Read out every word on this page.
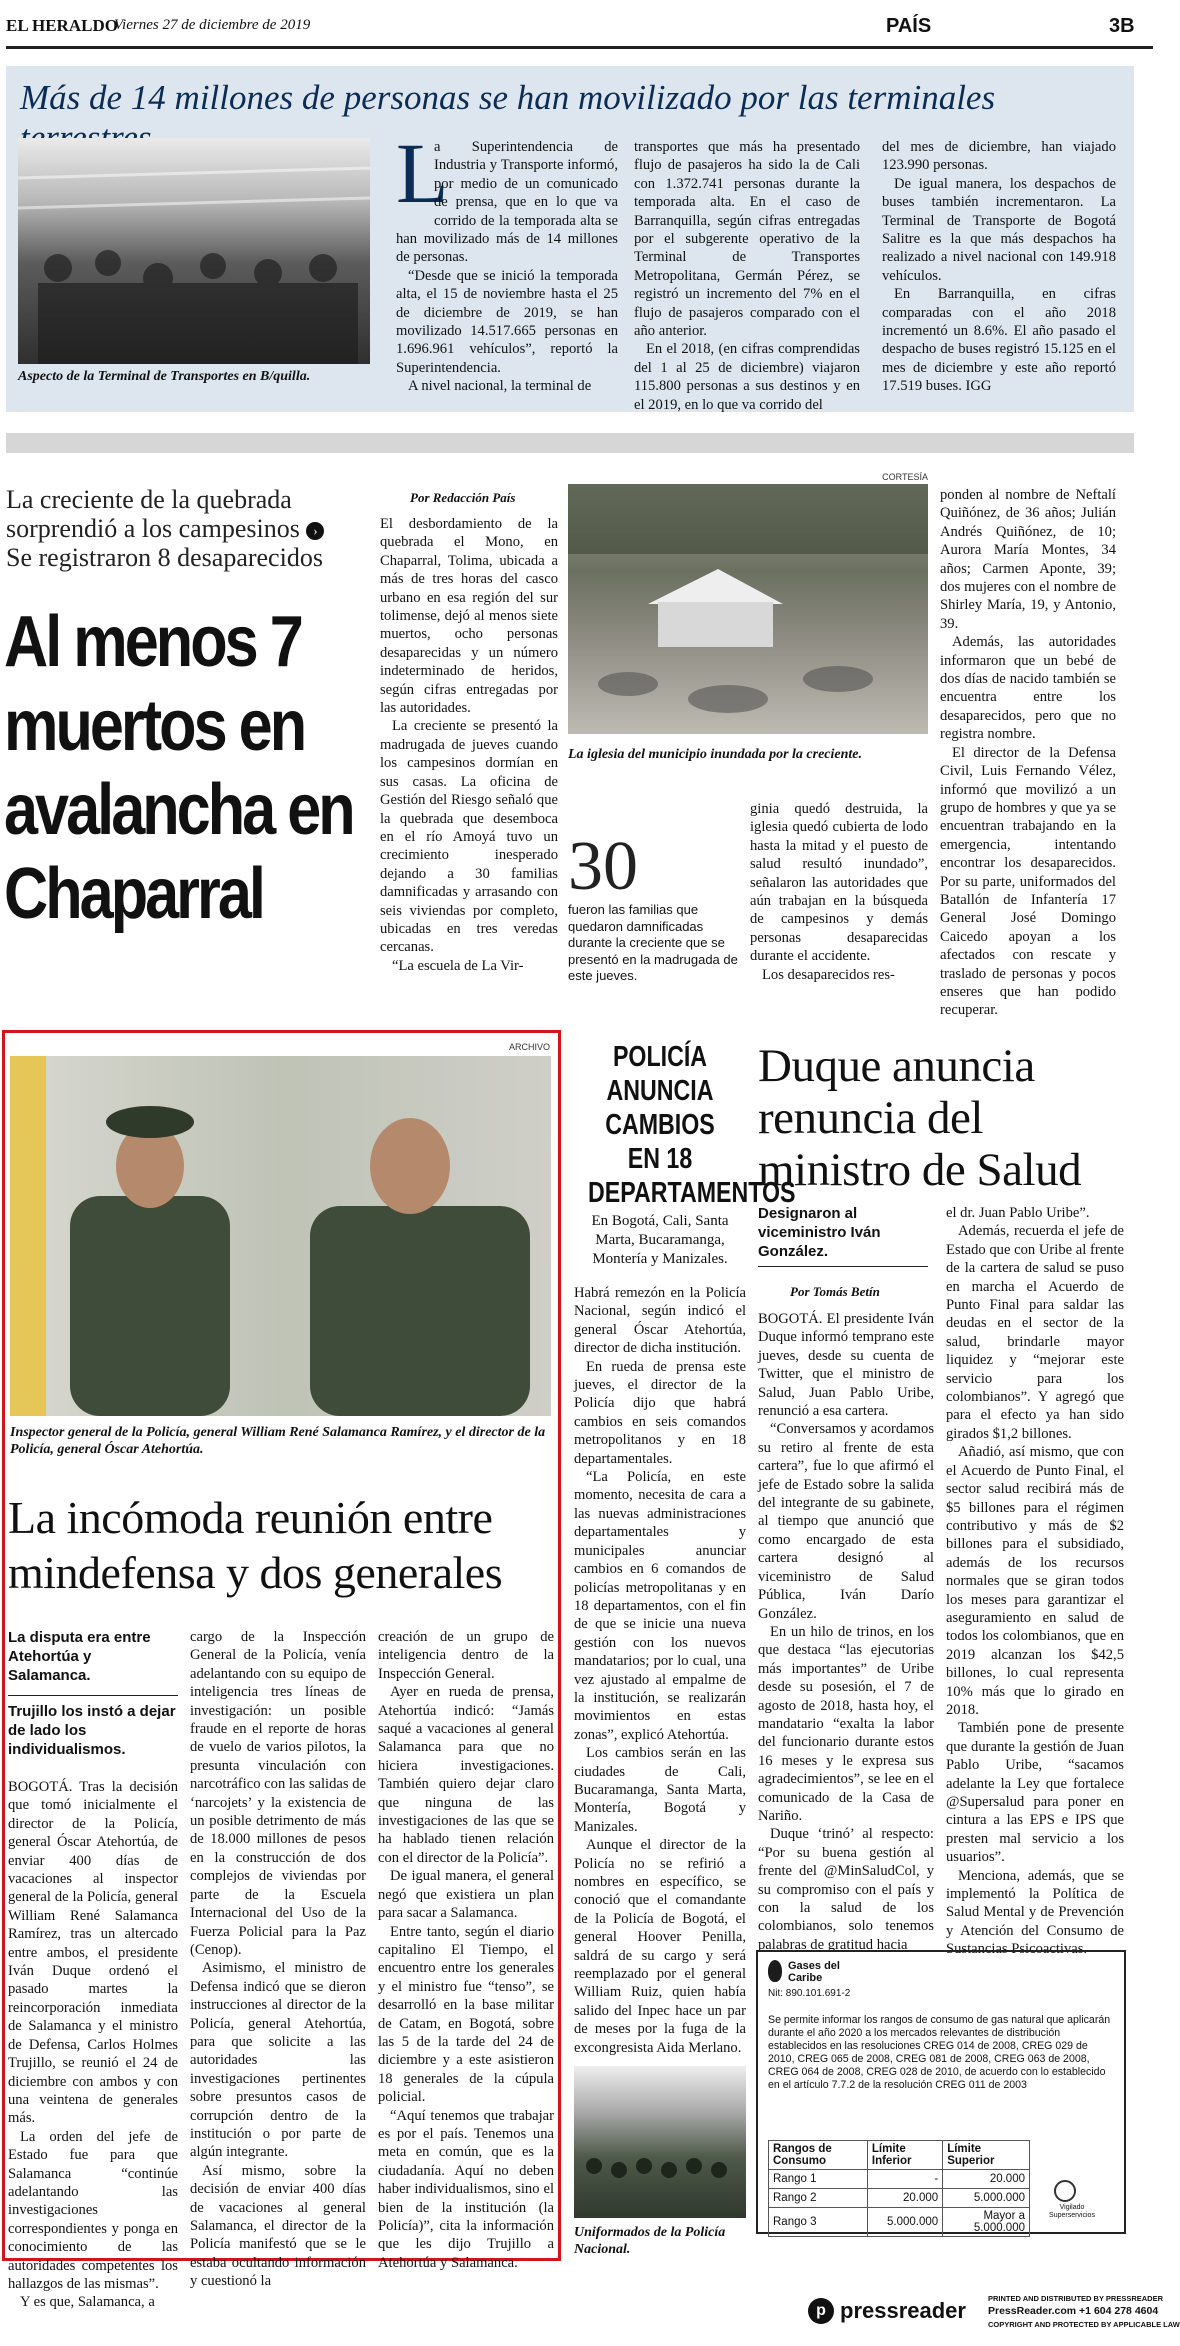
EL HERALDO
Viernes 27 de diciembre de 2019	PAÍS	3B
Más de 14 millones de personas se han movilizado por las terminales
Aspecto de la Terminal de Transportes en B/quilla.
L

a Superintendencia de Industria y Transporte informó, por medio de un comunicado de prensa, que en lo que va corrido de la temporada alta se han movilizado más de 14 millones de personas.

“Desde que se inició la temporada alta, el 15 de noviembre hasta el 25 de diciembre de 2019, se han movilizado 14.517.665 personas en 1.696.961 vehículos”, reportó la Superintendencia.

A nivel nacional, la terminal de

transportes que más ha presentado flujo de pasajeros ha sido la de Cali con 1.372.741 personas durante la temporada alta. En el caso de Barranquilla, según cifras entregadas por el subgerente operativo de la Terminal de Transportes Metropolitana, Germán Pérez, se registró un incremento del 7% en el flujo de pasajeros comparado con el año anterior.

En el 2018, (en cifras comprendidas del 1 al 25 de diciembre) viajaron 115.800 personas a sus destinos y en el 2019, en lo que va corrido del

del mes de diciembre, han viajado 123.990 personas.

De igual manera, los despachos de buses también incrementaron. La Terminal de Transporte de Bogotá Salitre es la que más despachos ha realizado a nivel nacional con 149.918 vehículos.

En Barranquilla, en cifras comparadas con el año 2018 incrementó un 8.6%. El año pasado el despacho de buses registró 15.125 en el mes de diciembre y este año reportó 17.519 buses. IGG

La creciente de la quebrada sorprendió a los campesinos ›
Se registraron 8 desaparecidos
Al menos 7 muertos en avalancha en Chaparral
Por Redacción País

El desbordamiento de la quebrada el Mono, en Chaparral, Tolima, ubicada a más de tres horas del casco urbano en esa región del sur tolimense, dejó al menos siete muertos, ocho personas desaparecidas y un número indeterminado de heridos, según cifras entregadas por las autoridades.

La creciente se presentó la madrugada de jueves cuando los campesinos dormían en sus casas. La oficina de Gestión del Riesgo señaló que la quebrada que desemboca en el río Amoyá tuvo un crecimiento inesperado dejando a 30 familias damnificadas y arrasando con seis viviendas por completo, ubicadas en tres veredas cercanas.

“La escuela de La Vir-

CORTESÍA
La iglesia del municipio inundada por la creciente.
30
fueron las familias que quedaron damnificadas durante la creciente que se presentó en la madrugada de este jueves.

ginia quedó destruida, la iglesia quedó cubierta de lodo hasta la mitad y el puesto de salud resultó inundado”, señalaron las autoridades que aún trabajan en la búsqueda de campesinos y demás personas desaparecidas durante el accidente.

Los desaparecidos res-

ponden al nombre de Neftalí Quiñónez, de 36 años; Julián Andrés Quiñónez, de 10; Aurora María Montes, 34 años; Carmen Aponte, 39; dos mujeres con el nombre de Shirley María, 19, y Antonio, 39.

Además, las autoridades informaron que un bebé de dos días de nacido también se encuentra entre los desaparecidos, pero que no registra nombre.

El director de la Defensa Civil, Luis Fernando Vélez, informó que movilizó a un grupo de hombres y que ya se encuentran trabajando en la emergencia, intentando encontrar los desaparecidos. Por su parte, uniformados del Batallón de Infantería 17 General José Domingo Caicedo apoyan a los afectados con rescate y traslado de personas y pocos enseres que han podido recuperar.

ARCHIVO
Inspector general de la Policía, general William René Salamanca Ramírez, y el director de la Policía, general Óscar Atehortúa.
La incómoda reunión entre mindefensa y dos generales
La disputa era entre Atehortúa y Salamanca.
Trujillo los instó a dejar de lado los individualismos.

BOGOTÁ. Tras la decisión que tomó inicialmente el director de la Policía, general Óscar Atehortúa, de enviar 400 días de vacaciones al inspector general de la Policía, general William René Salamanca Ramírez, tras un altercado entre ambos, el presidente Iván Duque ordenó el pasado martes la reincorporación inmediata de Salamanca y el ministro de Defensa, Carlos Holmes Trujillo, se reunió el 24 de diciembre con ambos y con una veintena de generales más.

La orden del jefe de Estado fue para que Salamanca “continúe adelantando las investigaciones correspondientes y ponga en conocimiento de las autoridades competentes los hallazgos de las mismas”.

Y es que, Salamanca, a

cargo de la Inspección General de la Policía, venía adelantando con su equipo de inteligencia tres líneas de investigación: un posible fraude en el reporte de horas de vuelo de varios pilotos, la presunta vinculación con narcotráfico con las salidas de ‘narcojets’ y la existencia de un posible detrimento de más de 18.000 millones de pesos en la construcción de dos complejos de viviendas por parte de la Escuela Internacional del Uso de la Fuerza Policial para la Paz (Cenop).

Asimismo, el ministro de Defensa indicó que se dieron instrucciones al director de la Policía, general Atehortúa, para que solicite a las autoridades las investigaciones pertinentes sobre presuntos casos de corrupción dentro de la institución o por parte de algún integrante.

Así mismo, sobre la decisión de enviar 400 días de vacaciones al general Salamanca, el director de la Policía manifestó que se le estaba ocultando información y cuestionó la

creación de un grupo de inteligencia dentro de la Inspección General.

Ayer en rueda de prensa, Atehortúa indicó: “Jamás saqué a vacaciones al general Salamanca para que no hiciera investigaciones. También quiero dejar claro que ninguna de las investigaciones de las que se ha hablado tienen relación con el director de la Policía”.

De igual manera, el general negó que existiera un plan para sacar a Salamanca.

Entre tanto, según el diario capitalino El Tiempo, el encuentro entre los generales y el ministro fue “tenso”, se desarrolló en la base militar de Catam, en Bogotá, sobre las 5 de la tarde del 24 de diciembre y a este asistieron 18 generales de la cúpula policial.

“Aquí tenemos que trabajar es por el país. Tenemos una meta en común, que es la ciudadanía. Aquí no deben haber individualismos, sino el bien de la institución (la Policía)”, cita la información que les dijo Trujillo a Atehortúa y Salamanca.

POLICÍA ANUNCIA CAMBIOS EN 18 DEPARTAMENTOS
En Bogotá, Cali, Santa Marta, Bucaramanga, Montería y Manizales.

Habrá remezón en la Policía Nacional, según indicó el general Óscar Atehortúa, director de dicha institución.

En rueda de prensa este jueves, el director de la Policía dijo que habrá cambios en seis comandos metropolitanos y en 18 departamentales.

“La Policía, en este momento, necesita de cara a las nuevas administraciones departamentales y municipales anunciar cambios en 6 comandos de policías metropolitanas y en 18 departamentos, con el fin de que se inicie una nueva gestión con los nuevos mandatarios; por lo cual, una vez ajustado al empalme de la institución, se realizarán movimientos en estas zonas”, explicó Atehortúa.

Los cambios serán en las ciudades de Cali, Bucaramanga, Santa Marta, Montería, Bogotá y Manizales.

Aunque el director de la Policía no se refirió a nombres en específico, se conoció que el comandante de la Policía de Bogotá, el general Hoover Penilla, saldrá de su cargo y será reemplazado por el general William Ruiz, quien había salido del Inpec hace un par de meses por la fuga de la excongresista Aida Merlano.

Uniformados de la Policía Nacional.
Duque anuncia renuncia del ministro de Salud
Designaron al viceministro Iván González.
Por Tomás Betín

BOGOTÁ. El presidente Iván Duque informó temprano este jueves, desde su cuenta de Twitter, que el ministro de Salud, Juan Pablo Uribe, renunció a esa cartera.

“Conversamos y acordamos su retiro al frente de esta cartera”, fue lo que afirmó el jefe de Estado sobre la salida del integrante de su gabinete, al tiempo que anunció que como encargado de esta cartera designó al viceministro de Salud Pública, Iván Darío González.

En un hilo de trinos, en los que destaca “las ejecutorias más importantes” de Uribe desde su posesión, el 7 de agosto de 2018, hasta hoy, el mandatario “exalta la labor del funcionario durante estos 16 meses y le expresa sus agradecimientos”, se lee en el comunicado de la Casa de Nariño.

Duque ‘trinó’ al respecto: “Por su buena gestión al frente del @MinSaludCol, y su compromiso con el país y con la salud de los colombianos, solo tenemos palabras de gratitud hacia

el dr. Juan Pablo Uribe”.

Además, recuerda el jefe de Estado que con Uribe al frente de la cartera de salud se puso en marcha el Acuerdo de Punto Final para saldar las deudas en el sector de la salud, brindarle mayor liquidez y “mejorar este servicio para los colombianos”. Y agregó que para el efecto ya han sido girados $1,2 billones.

Añadió, así mismo, que con el Acuerdo de Punto Final, el sector salud recibirá más de $5 billones para el régimen contributivo y más de $2 billones para el subsidiado, además de los recursos normales que se giran todos los meses para garantizar el aseguramiento en salud de todos los colombianos, que en 2019 alcanzan los $42,5 billones, lo cual representa 10% más que lo girado en 2018.

También pone de presente que durante la gestión de Juan Pablo Uribe, “sacamos adelante la Ley que fortalece @Supersalud para poner en cintura a las EPS e IPS que presten mal servicio a los usuarios”.

Menciona, además, que se implementó la Política de Salud Mental y de Prevención y Atención del Consumo de Sustancias Psicoactivas.

Gases del Caribe
Nit: 890.101.691-2
Se permite informar los rangos de consumo de gas natural que aplicarán durante el año 2020 a los mercados relevantes de distribución establecidos en las resoluciones CREG 014 de 2008, CREG 029 de 2010, CREG 065 de 2008, CREG 081 de 2008, CREG 063 de 2008, CREG 064 de 2008, CREG 028 de 2010, de acuerdo con lo establecido en el artículo 7.7.2 de la resolución CREG 011 de 2003
Rangos de Consumo	Límite Inferior	Límite Superior
Rango 1	-	20.000
Rango 2	20.000	5.000.000
Rango 3	5.000.000	Mayor a 5.000.000
Vigilado Superservicios
p pressreader	PRINTED AND DISTRIBUTED BY PRESSREADER
PressReader.com +1 604 278 4604
COPYRIGHT AND PROTECTED BY APPLICABLE LAW
